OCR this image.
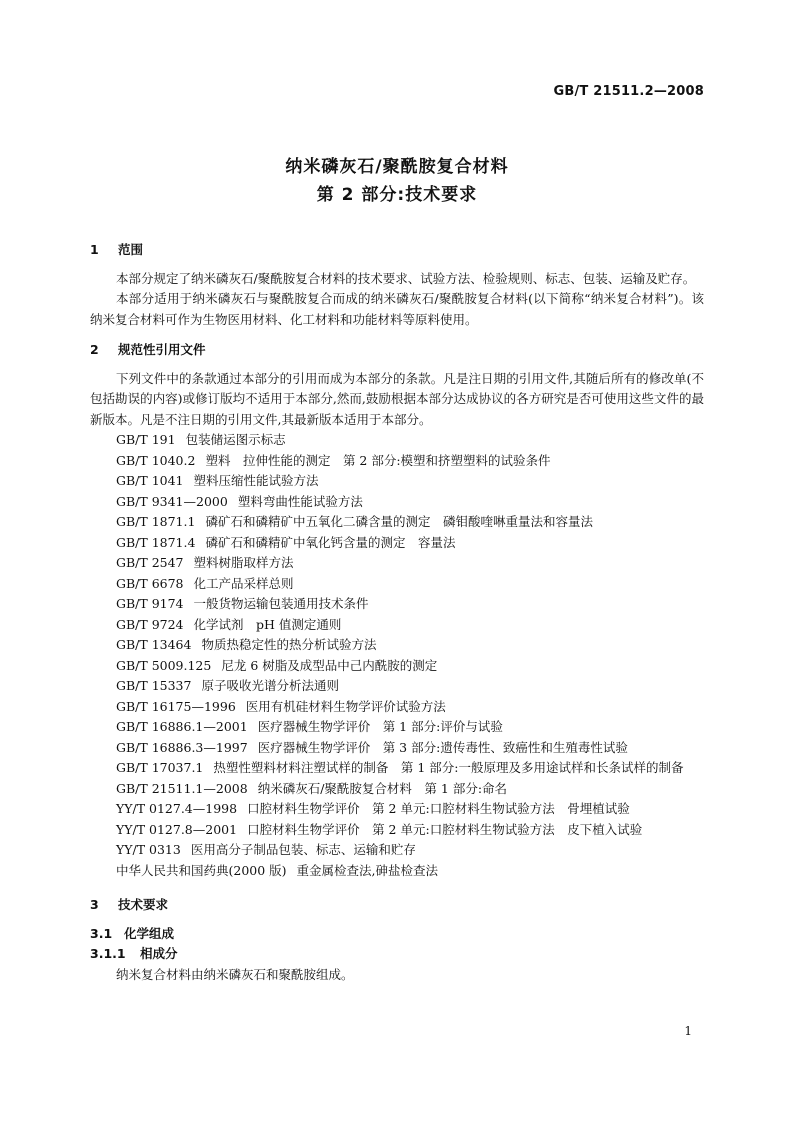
GB/T 21511.2—2008
纳米磷灰石/聚酰胺复合材料
第 2 部分:技术要求
1 范围

本部分规定了纳米磷灰石/聚酰胺复合材料的技术要求、试验方法、检验规则、标志、包装、运输及贮存。

本部分适用于纳米磷灰石与聚酰胺复合而成的纳米磷灰石/聚酰胺复合材料(以下简称“纳米复合材料”)。该纳米复合材料可作为生物医用材料、化工材料和功能材料等原料使用。

2 规范性引用文件

下列文件中的条款通过本部分的引用而成为本部分的条款。凡是注日期的引用文件,其随后所有的修改单(不包括勘误的内容)或修订版均不适用于本部分,然而,鼓励根据本部分达成协议的各方研究是否可使用这些文件的最新版本。凡是不注日期的引用文件,其最新版本适用于本部分。

GB/T 191 包装储运图示标志

GB/T 1040.2 塑料　拉伸性能的测定　第 2 部分:模塑和挤塑塑料的试验条件

GB/T 1041 塑料压缩性能试验方法

GB/T 9341—2000 塑料弯曲性能试验方法

GB/T 1871.1 磷矿石和磷精矿中五氧化二磷含量的测定　磷钼酸喹啉重量法和容量法

GB/T 1871.4 磷矿石和磷精矿中氧化钙含量的测定　容量法

GB/T 2547 塑料树脂取样方法

GB/T 6678 化工产品采样总则

GB/T 9174 一般货物运输包装通用技术条件

GB/T 9724 化学试剂　pH 值测定通则

GB/T 13464 物质热稳定性的热分析试验方法

GB/T 5009.125 尼龙 6 树脂及成型品中己内酰胺的测定

GB/T 15337 原子吸收光谱分析法通则

GB/T 16175—1996 医用有机硅材料生物学评价试验方法

GB/T 16886.1—2001 医疗器械生物学评价　第 1 部分:评价与试验

GB/T 16886.3—1997 医疗器械生物学评价　第 3 部分:遗传毒性、致癌性和生殖毒性试验

GB/T 17037.1 热塑性塑料材料注塑试样的制备　第 1 部分:一般原理及多用途试样和长条试样的制备

GB/T 21511.1—2008 纳米磷灰石/聚酰胺复合材料　第 1 部分:命名

YY/T 0127.4—1998 口腔材料生物学评价　第 2 单元:口腔材料生物试验方法　骨埋植试验

YY/T 0127.8—2001 口腔材料生物学评价　第 2 单元:口腔材料生物试验方法　皮下植入试验

YY/T 0313 医用高分子制品包装、标志、运输和贮存

中华人民共和国药典(2000 版) 重金属检查法,砷盐检查法

3 技术要求
3.1 化学组成
3.1.1 相成分

纳米复合材料由纳米磷灰石和聚酰胺组成。

1
